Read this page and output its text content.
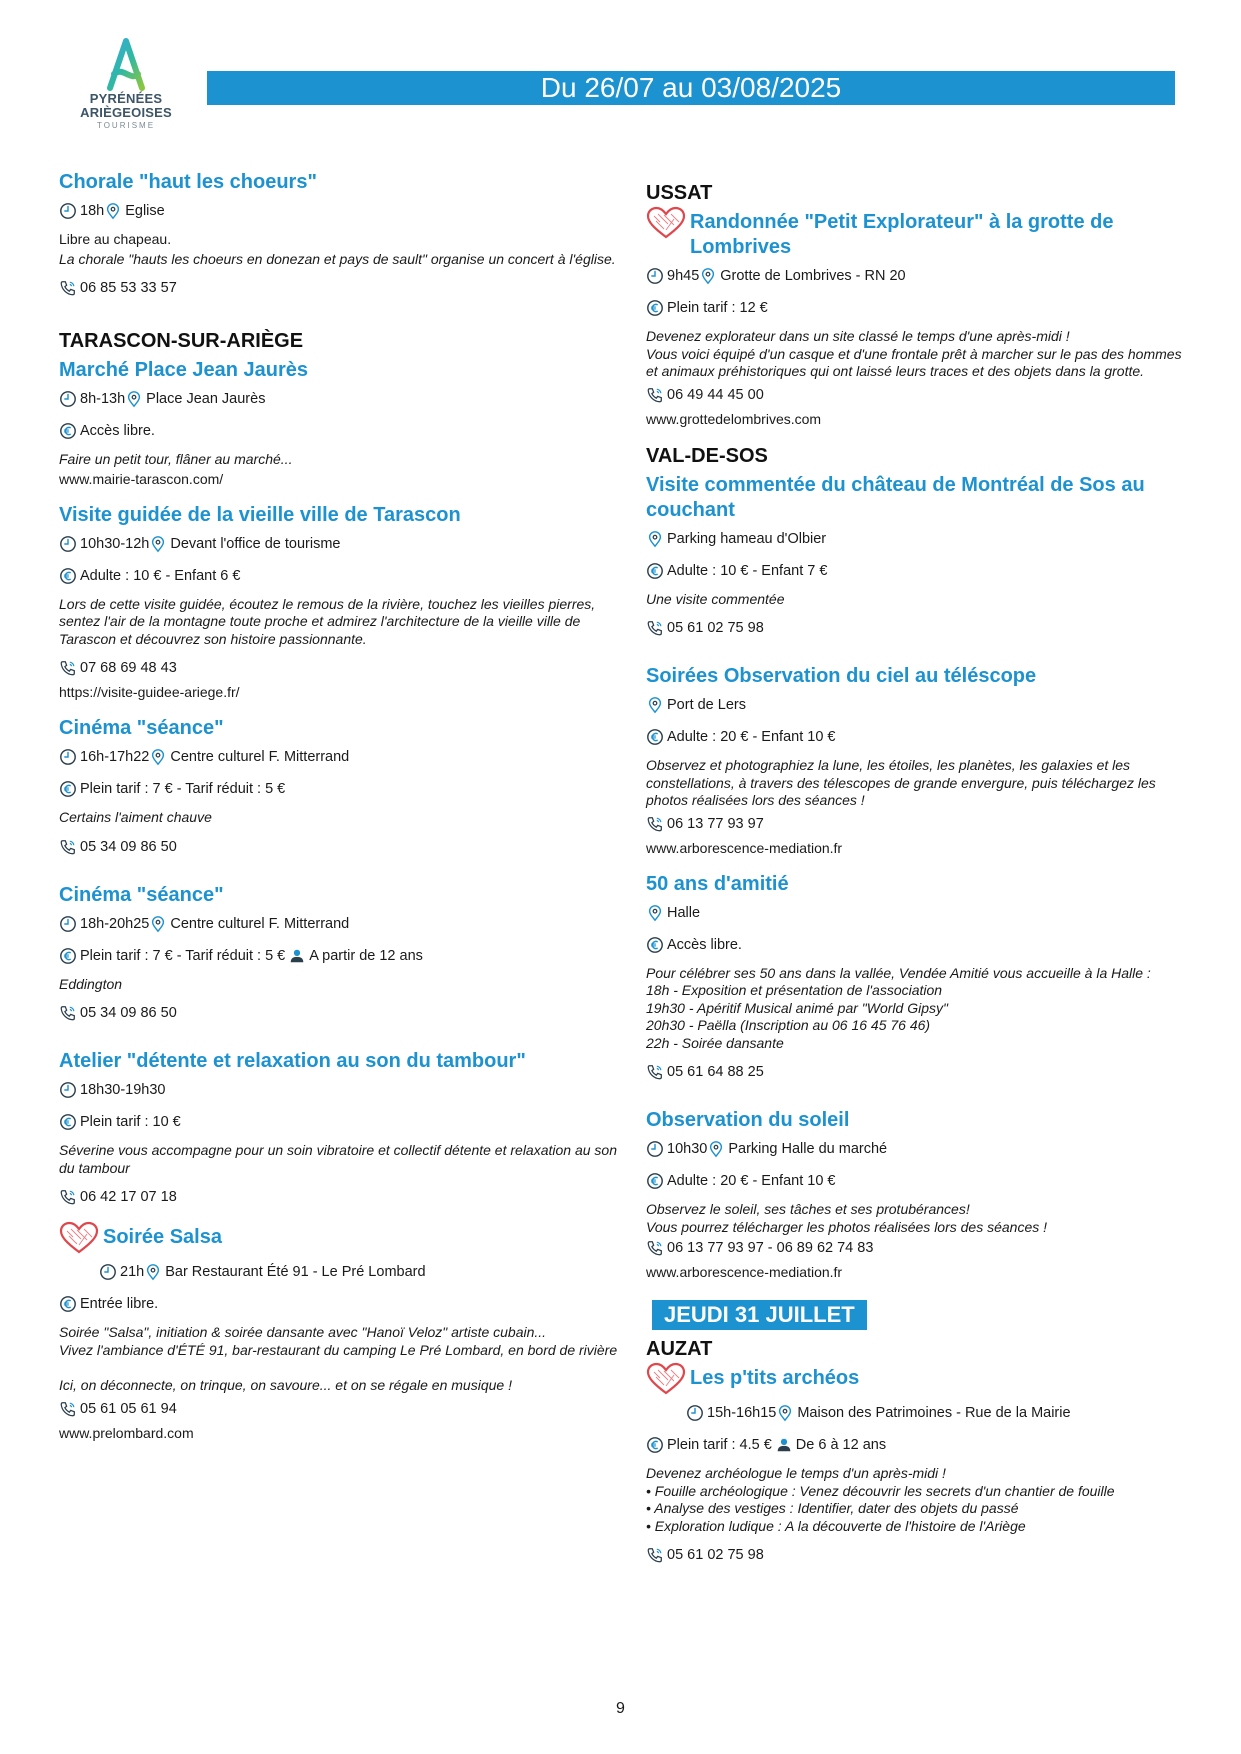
PYRÉNÉES
ARIÈGEOISES
TOURISME
Du 26/07 au 03/08/2025
Chorale "haut les choeurs"
18h Eglise
Libre au chapeau.
La chorale "hauts les choeurs en donezan et pays de sault" organise un concert à l'église.
06 85 53 33 57
TARASCON-SUR-ARIÈGE
Marché Place Jean Jaurès
8h-13h Place Jean Jaurès
Accès libre.
Faire un petit tour, flâner au marché...
www.mairie-tarascon.com/
Visite guidée de la vieille ville de Tarascon
10h30-12h Devant l'office de tourisme
Adulte : 10 € - Enfant 6 €
Lors de cette visite guidée, écoutez le remous de la rivière, touchez les vieilles pierres, sentez l'air de la montagne toute proche et admirez l'architecture de la vieille ville de Tarascon et découvrez son histoire passionnante.
07 68 69 48 43
https://visite-guidee-ariege.fr/
Cinéma "séance"
16h-17h22 Centre culturel F. Mitterrand
Plein tarif : 7 € - Tarif réduit : 5 €
Certains l'aiment chauve
05 34 09 86 50
Cinéma "séance"
18h-20h25 Centre culturel F. Mitterrand
Plein tarif : 7 € - Tarif réduit : 5 € A partir de 12 ans
Eddington
05 34 09 86 50
Atelier "détente et relaxation au son du tambour"
18h30-19h30
Plein tarif : 10 €
Séverine vous accompagne pour un soin vibratoire et collectif détente et relaxation au son du tambour
06 42 17 07 18
Soirée Salsa
21h Bar Restaurant Été 91 - Le Pré Lombard
Entrée libre.

Soirée "Salsa", initiation & soirée dansante avec "Hanoï Veloz" artiste cubain...

Vivez l'ambiance d'ÉTÉ 91, bar-restaurant du camping Le Pré Lombard, en bord de rivière

Ici, on déconnecte, on trinque, on savoure... et on se régale en musique !

05 61 05 61 94
www.prelombard.com
USSAT
Randonnée "Petit Explorateur" à la grotte de Lombrives
9h45 Grotte de Lombrives - RN 20
Plein tarif : 12 €

Devenez explorateur dans un site classé le temps d'une après-midi !

Vous voici équipé d'un casque et d'une frontale prêt à marcher sur le pas des hommes et animaux préhistoriques qui ont laissé leurs traces et des objets dans la grotte.

06 49 44 45 00
www.grottedelombrives.com
VAL-DE-SOS
Visite commentée du château de Montréal de Sos au couchant
Parking hameau d'Olbier
Adulte : 10 € - Enfant 7 €
Une visite commentée
05 61 02 75 98
Soirées Observation du ciel au téléscope
Port de Lers
Adulte : 20 € - Enfant 10 €
Observez et photographiez la lune, les étoiles, les planètes, les galaxies et les constellations, à travers des télescopes de grande envergure, puis téléchargez les photos réalisées lors des séances !
06 13 77 93 97
www.arborescence-mediation.fr
50 ans d'amitié
Halle
Accès libre.

Pour célébrer ses 50 ans dans la vallée, Vendée Amitié vous accueille à la Halle :

18h - Exposition et présentation de l'association

19h30 - Apéritif Musical animé par "World Gipsy"

20h30 - Paëlla (Inscription au 06 16 45 76 46)

22h - Soirée dansante

05 61 64 88 25
Observation du soleil
10h30 Parking Halle du marché
Adulte : 20 € - Enfant 10 €

Observez le soleil, ses tâches et ses protubérances!

Vous pourrez télécharger les photos réalisées lors des séances !

06 13 77 93 97 - 06 89 62 74 83
www.arborescence-mediation.fr
JEUDI 31 JUILLET
AUZAT
Les p'tits archéos
15h-16h15 Maison des Patrimoines - Rue de la Mairie
Plein tarif : 4.5 € De 6 à 12 ans

Devenez archéologue le temps d'un après-midi !

• Fouille archéologique : Venez découvrir les secrets d'un chantier de fouille

• Analyse des vestiges : Identifier, dater des objets du passé

• Exploration ludique : A la découverte de l'histoire de l'Ariège

05 61 02 75 98
9
